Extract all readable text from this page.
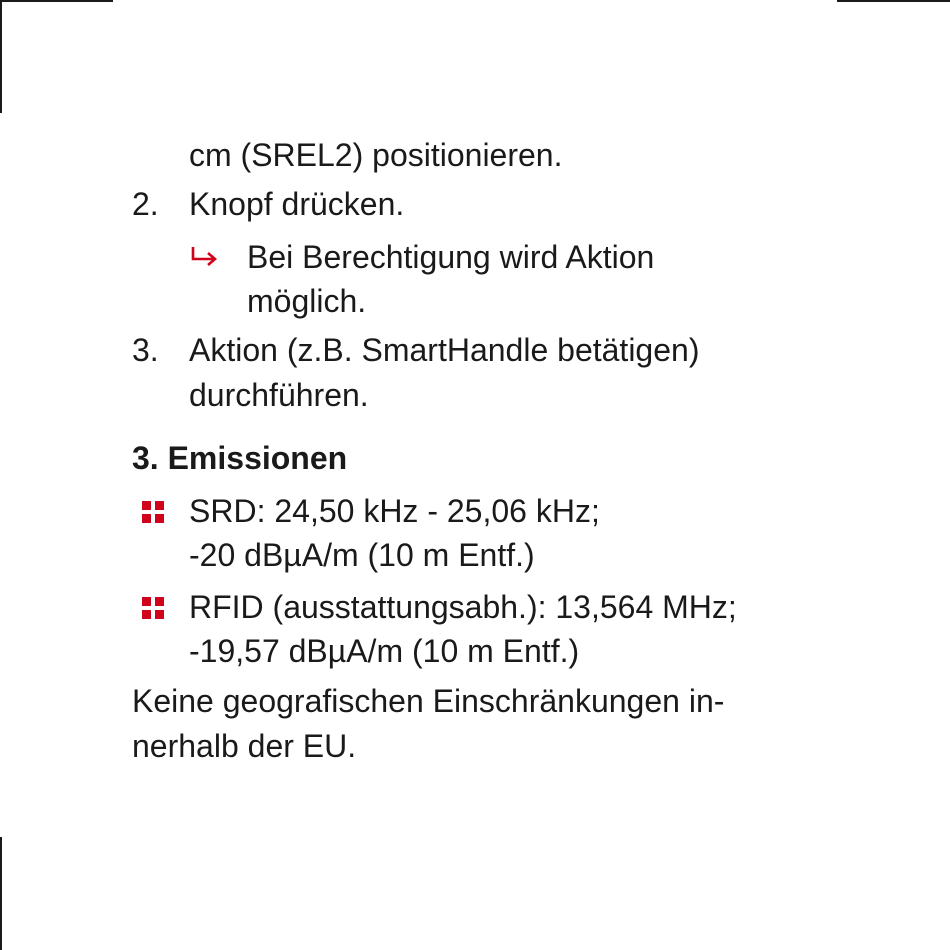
cm (SREL2) positionieren.
2. Knopf drücken.
Bei Berechtigung wird Aktion
möglich.
3. Aktion (z.B. SmartHandle betätigen)
durchführen.
3. Emissionen
SRD: 24,50 kHz - 25,06 kHz;
-20 dBµA/m (10 m Entf.)
RFID (ausstattungsabh.): 13,564 MHz;
-19,57 dBµA/m (10 m Entf.)
Keine geografischen Einschränkungen in-
nerhalb der EU.
